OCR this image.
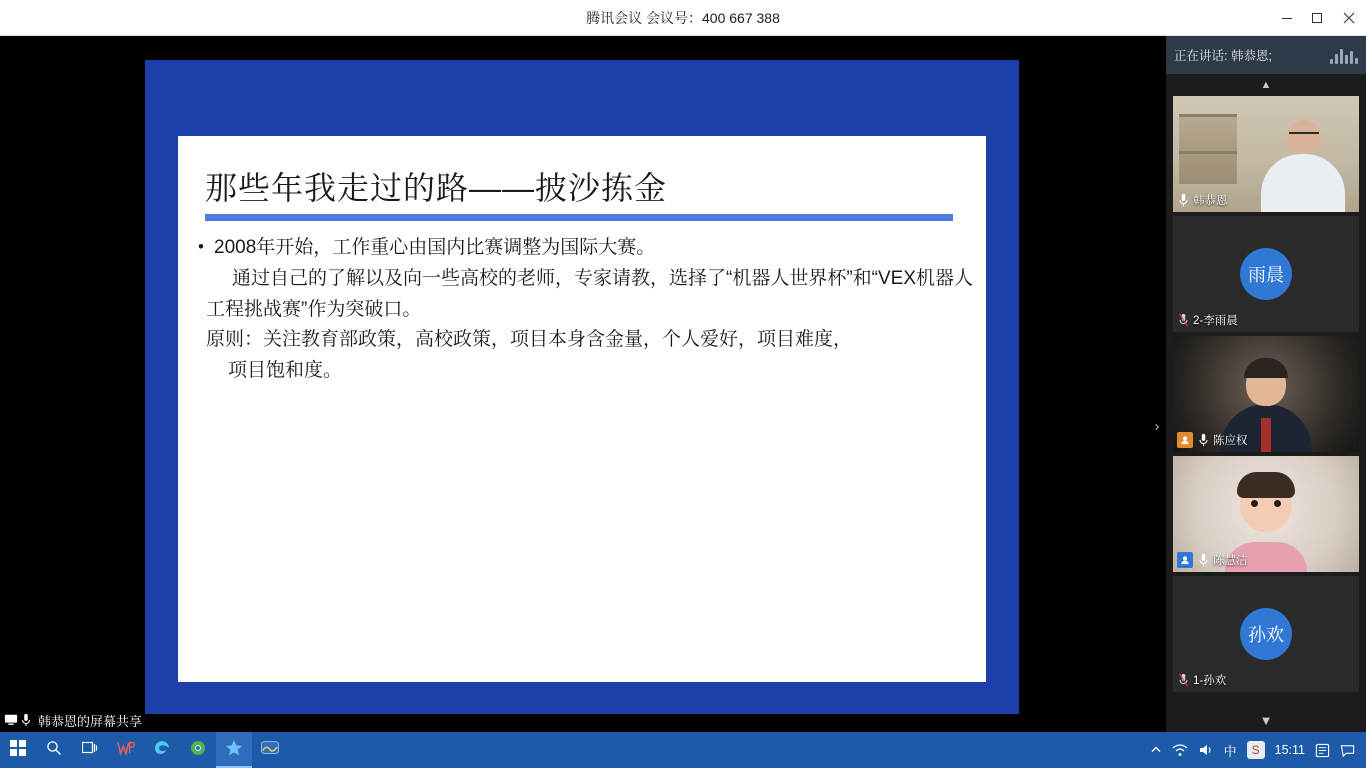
腾讯会议 会议号：400 667 388
那些年我走过的路——披沙拣金
• 2008年开始，工作重心由国内比赛调整为国际大赛。
通过自己的了解以及向一些高校的老师，专家请教，选择了“机器人世界杯”和“VEX机器人工程挑战赛”作为突破口。
原则：关注教育部政策，高校政策，项目本身含金量，个人爱好，项目难度，
项目饱和度。
韩恭恩的屏幕共享
›
正在讲话: 韩恭恩;
▲
韩恭恩
雨晨
2-李雨晨
陈应权
陈慧洁
孙欢
1-孙欢
▼
中	S	15:11
